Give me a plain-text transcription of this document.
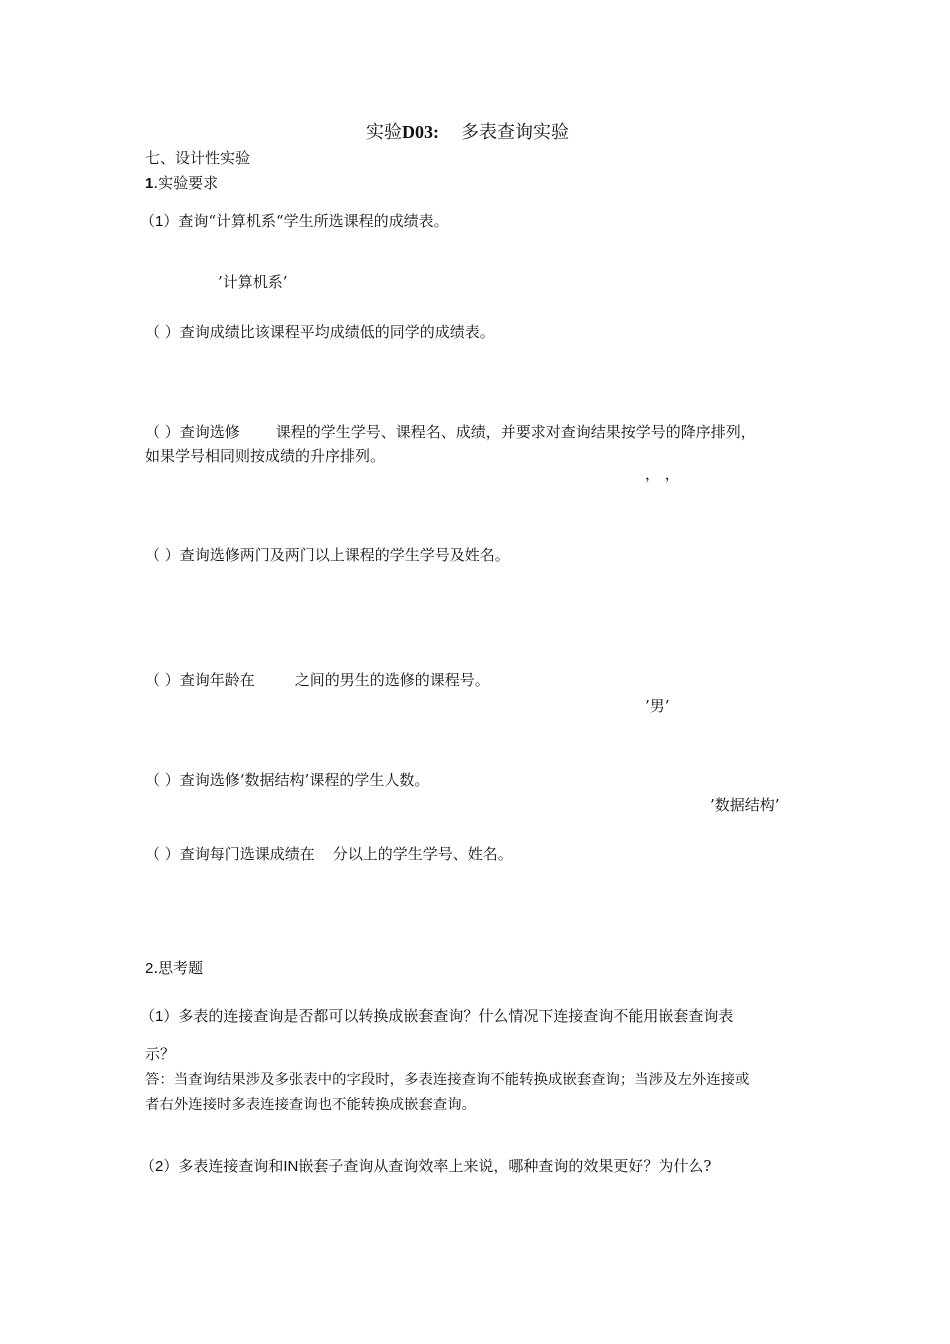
实验D03: 多表查询实验
七、设计性实验
1.实验要求
（1）查询“计算机系“学生所选课程的成绩表。
’计算机系’
（ ）查询成绩比该课程平均成绩低的同学的成绩表。
（ ）查询选修 课程的学生学号、课程名、成绩，并要求对查询结果按学号的降序排列，
如果学号相同则按成绩的升序排列。
， ，
（ ）查询选修两门及两门以上课程的学生学号及姓名。
（ ）查询年龄在	之间的男生的选修的课程号。
’男’
（ ）查询选修‘数据结构’课程的学生人数。
’数据结构’
（ ）查询每门选课成绩在 分以上的学生学号、姓名。
2.思考题
（1）多表的连接查询是否都可以转换成嵌套查询？什么情况下连接查询不能用嵌套查询表
示？
答：当查询结果涉及多张表中的字段时，多表连接查询不能转换成嵌套查询；当涉及左外连接或
者右外连接时多表连接查询也不能转换成嵌套查询。
（2）多表连接查询和IN嵌套子查询从查询效率上来说，哪种查询的效果更好？为什么?
